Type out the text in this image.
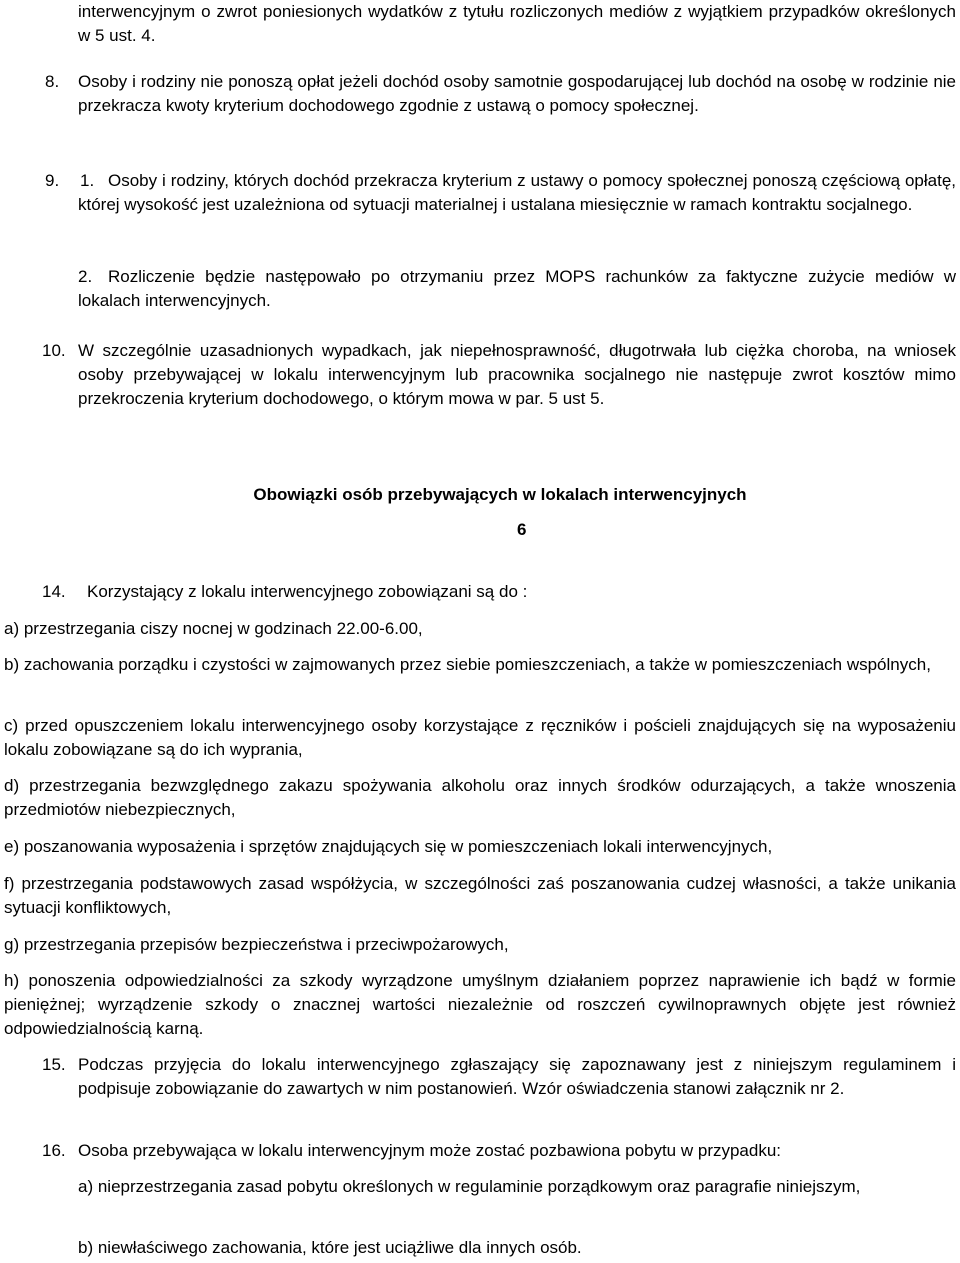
interwencyjnym o zwrot poniesionych wydatków z tytułu rozliczonych mediów z wyjątkiem przypadków określonych w 5 ust. 4.

8. Osoby i rodziny nie ponoszą opłat jeżeli dochód osoby samotnie gospodarującej lub dochód na osobę w rodzinie nie przekracza kwoty kryterium dochodowego zgodnie z ustawą o pomocy społecznej.

9. 1. Osoby i rodziny, których dochód przekracza kryterium z ustawy o pomocy społecznej ponoszą częściową opłatę, której wysokość jest uzależniona od sytuacji materialnej i ustalana miesięcznie w ramach kontraktu socjalnego.

2. Rozliczenie będzie następowało po otrzymaniu przez MOPS rachunków za faktyczne zużycie mediów w lokalach interwencyjnych.

10. W szczególnie uzasadnionych wypadkach, jak niepełnosprawność, długotrwała lub ciężka choroba, na wniosek osoby przebywającej w lokalu interwencyjnym lub pracownika socjalnego nie następuje zwrot kosztów mimo przekroczenia kryterium dochodowego, o którym mowa w par. 5 ust 5.

Obowiązki osób przebywających w lokalach interwencyjnych
6
14. Korzystający z lokalu interwencyjnego zobowiązani są do :

a) przestrzegania ciszy nocnej w godzinach 22.00-6.00,

b) zachowania porządku i czystości w zajmowanych przez siebie pomieszczeniach, a także w pomieszczeniach wspólnych,

c) przed opuszczeniem lokalu interwencyjnego osoby korzystające z ręczników i pościeli znajdujących się na wyposażeniu lokalu zobowiązane są do ich wyprania,

d) przestrzegania bezwzględnego zakazu spożywania alkoholu oraz innych środków odurzających, a także wnoszenia przedmiotów niebezpiecznych,

e) poszanowania wyposażenia i sprzętów znajdujących się w pomieszczeniach lokali interwencyjnych,

f) przestrzegania podstawowych zasad współżycia, w szczególności zaś poszanowania cudzej własności, a także unikania sytuacji konfliktowych,

g) przestrzegania przepisów bezpieczeństwa i przeciwpożarowych,

h) ponoszenia odpowiedzialności za szkody wyrządzone umyślnym działaniem poprzez naprawienie ich bądź w formie pieniężnej; wyrządzenie szkody o znacznej wartości niezależnie od roszczeń cywilnoprawnych objęte jest również odpowiedzialnością karną.

15. Podczas przyjęcia do lokalu interwencyjnego zgłaszający się zapoznawany jest z niniejszym regulaminem i podpisuje zobowiązanie do zawartych w nim postanowień. Wzór oświadczenia stanowi załącznik nr 2.

16. Osoba przebywająca w lokalu interwencyjnym może zostać pozbawiona pobytu w przypadku:

a) nieprzestrzegania zasad pobytu określonych w regulaminie porządkowym oraz paragrafie niniejszym,

b) niewłaściwego zachowania, które jest uciążliwe dla innych osób.
